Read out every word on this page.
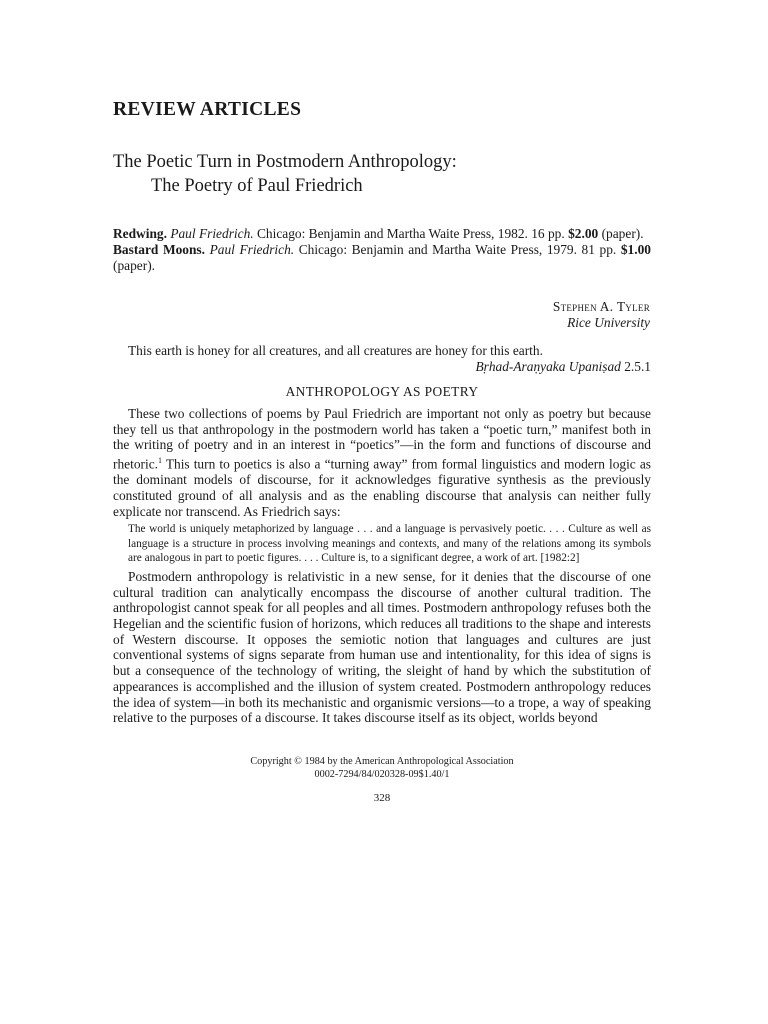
REVIEW ARTICLES
The Poetic Turn in Postmodern Anthropology:
The Poetry of Paul Friedrich

Redwing. Paul Friedrich. Chicago: Benjamin and Martha Waite Press, 1982. 16 pp. $2.00 (paper).

Bastard Moons. Paul Friedrich. Chicago: Benjamin and Martha Waite Press, 1979. 81 pp. $1.00 (paper).

Stephen A. Tyler
Rice University
This earth is honey for all creatures, and all creatures are honey for this earth.
Bṛhad-Araṇyaka Upaniṣad 2.5.1
ANTHROPOLOGY AS POETRY

These two collections of poems by Paul Friedrich are important not only as poetry but because they tell us that anthropology in the postmodern world has taken a “poetic turn,” manifest both in the writing of poetry and in an interest in “poetics”—in the form and functions of discourse and rhetoric.$^1$ This turn to poetics is also a “turning away” from formal linguistics and modern logic as the dominant models of discourse, for it acknowledges figurative synthesis as the previously constituted ground of all analysis and as the enabling discourse that analysis can neither fully explicate nor transcend. As Friedrich says:

The world is uniquely metaphorized by language . . . and a language is pervasively poetic. . . . Culture as well as language is a structure in process involving meanings and contexts, and many of the relations among its symbols are analogous in part to poetic figures. . . . Culture is, to a significant degree, a work of art. [1982:2]

Postmodern anthropology is relativistic in a new sense, for it denies that the discourse of one cultural tradition can analytically encompass the discourse of another cultural tradition. The anthropologist cannot speak for all peoples and all times. Postmodern anthropology refuses both the Hegelian and the scientific fusion of horizons, which reduces all traditions to the shape and interests of Western discourse. It opposes the semiotic notion that languages and cultures are just conventional systems of signs separate from human use and intentionality, for this idea of signs is but a consequence of the technology of writing, the sleight of hand by which the substitution of appearances is accomplished and the illusion of system created. Postmodern anthropology reduces the idea of system—in both its mechanistic and organismic versions—to a trope, a way of speaking relative to the purposes of a discourse. It takes discourse itself as its object, worlds beyond

Copyright © 1984 by the American Anthropological Association
0002-7294/84/020328-09$1.40/1
328
